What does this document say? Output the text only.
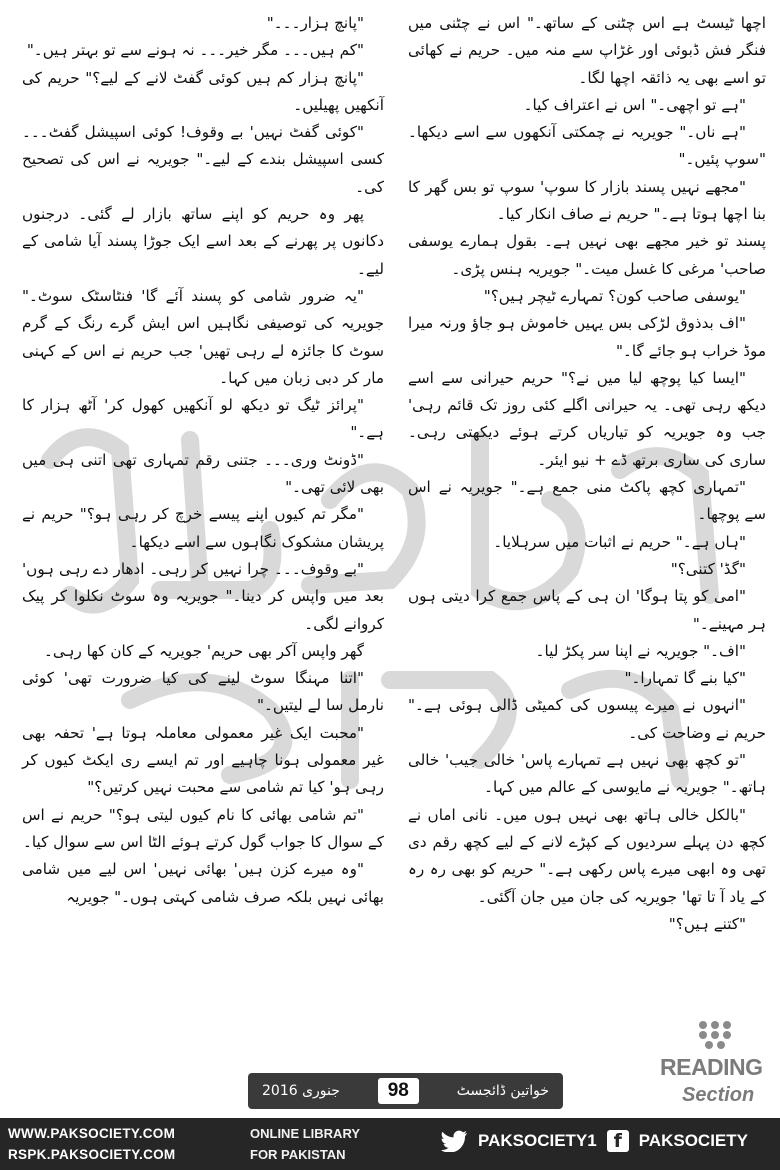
اچھا ٹیسٹ ہے اس چٹنی کے ساتھ۔" اس نے چٹنی میں فنگر فش ڈبوئی اور غڑاپ سے منہ میں۔ حریم نے کھائی تو اسے بھی یہ ذائقہ اچھا لگا۔

"ہے تو اچھی۔" اس نے اعتراف کیا۔

"ہے ناں۔" جویریہ نے چمکتی آنکھوں سے اسے دیکھا۔ "سوپ پئیں۔"

"مجھے نہیں پسند بازار کا سوپ' سوپ تو بس گھر کا بنا اچھا ہوتا ہے۔" حریم نے صاف انکار کیا۔

پسند تو خیر مجھے بھی نہیں ہے۔ بقول ہمارے یوسفی صاحب' مرغی کا غسل میت۔" جویریہ ہنس پڑی۔

"یوسفی صاحب کون؟ تمہارے ٹیچر ہیں؟"

"اف بدذوق لڑکی بس یہیں خاموش ہو جاؤ ورنہ میرا موڈ خراب ہو جائے گا۔"

"ایسا کیا پوچھ لیا میں نے؟" حریم حیرانی سے اسے دیکھ رہی تھی۔ یہ حیرانی اگلے کئی روز تک قائم رہی' جب وہ جویریہ کو تیاریاں کرتے ہوئے دیکھتی رہی۔ ساری کی ساری برتھ ڈے + نیو ایئر۔

"تمہاری کچھ پاکٹ منی جمع ہے۔" جویریہ نے اس سے پوچھا۔

"ہاں ہے۔" حریم نے اثبات میں سرہلایا۔

"گڈ' کتنی؟"

"امی کو پتا ہوگا' ان ہی کے پاس جمع کرا دیتی ہوں ہر مہینے۔"

"اف۔" جویریہ نے اپنا سر پکڑ لیا۔

"کیا بنے گا تمہارا۔"

"انہوں نے میرے پیسوں کی کمیٹی ڈالی ہوئی ہے۔" حریم نے وضاحت کی۔

"تو کچھ بھی نہیں ہے تمہارے پاس' خالی جیب' خالی ہاتھ۔" جویریہ نے مایوسی کے عالم میں کہا۔

"بالکل خالی ہاتھ بھی نہیں ہوں میں۔ نانی اماں نے کچھ دن پہلے سردیوں کے کپڑے لانے کے لیے کچھ رقم دی تھی وہ ابھی میرے پاس رکھی ہے۔" حریم کو بھی رہ رہ کے یاد آ تا تھا' جویریہ کی جان میں جان آگئی۔

"کتنے ہیں؟"

"پانچ ہزار۔۔۔"

"کم ہیں۔۔۔ مگر خیر۔۔۔ نہ ہونے سے تو بہتر ہیں۔"

"پانچ ہزار کم ہیں کوئی گفٹ لانے کے لیے؟" حریم کی آنکھیں پھیلیں۔

"کوئی گفٹ نہیں' بے وقوف! کوئی اسپیشل گفٹ۔۔۔ کسی اسپیشل بندے کے لیے۔" جویریہ نے اس کی تصحیح کی۔

پھر وہ حریم کو اپنے ساتھ بازار لے گئی۔ درجنوں دکانوں پر پھرنے کے بعد اسے ایک جوڑا پسند آیا شامی کے لیے۔

"یہ ضرور شامی کو پسند آئے گا' فنٹاسٹک سوٹ۔" جویریہ کی توصیفی نگاہیں اس ایش گرے رنگ کے گرم سوٹ کا جائزہ لے رہی تھیں' جب حریم نے اس کے کہنی مار کر دبی زبان میں کہا۔

"پرائز ٹیگ تو دیکھ لو آنکھیں کھول کر' آٹھ ہزار کا ہے۔"

"ڈونٹ وری۔۔۔ جتنی رقم تمہاری تھی اتنی ہی میں بھی لائی تھی۔"

"مگر تم کیوں اپنے پیسے خرچ کر رہی ہو؟" حریم نے پریشان مشکوک نگاہوں سے اسے دیکھا۔

"بے وقوف۔۔۔ چرا نہیں کر رہی۔ ادھار دے رہی ہوں' بعد میں واپس کر دینا۔" جویریہ وہ سوٹ نکلوا کر پیک کروانے لگی۔

گھر واپس آکر بھی حریم' جویریہ کے کان کھا رہی۔

"اتنا مہنگا سوٹ لینے کی کیا ضرورت تھی' کوئی نارمل سا لے لیتیں۔"

"محبت ایک غیر معمولی معاملہ ہوتا ہے' تحفہ بھی غیر معمولی ہونا چاہیے اور تم ایسے ری ایکٹ کیوں کر رہی ہو' کیا تم شامی سے محبت نہیں کرتیں؟"

"تم شامی بھائی کا نام کیوں لیتی ہو؟" حریم نے اس کے سوال کا جواب گول کرتے ہوئے الٹا اس سے سوال کیا۔

"وہ میرے کزن ہیں' بھائی نہیں' اس لیے میں شامی بھائی نہیں بلکہ صرف شامی کہتی ہوں۔" جویریہ

READING
Section
جنوری 2016	98	خواتین ڈائجسٹ
WWW.PAKSOCIETY.COM
RSPK.PAKSOCIETY.COM
ONLINE LIBRARY
FOR PAKISTAN
PAKSOCIETY1 f PAKSOCIETY
